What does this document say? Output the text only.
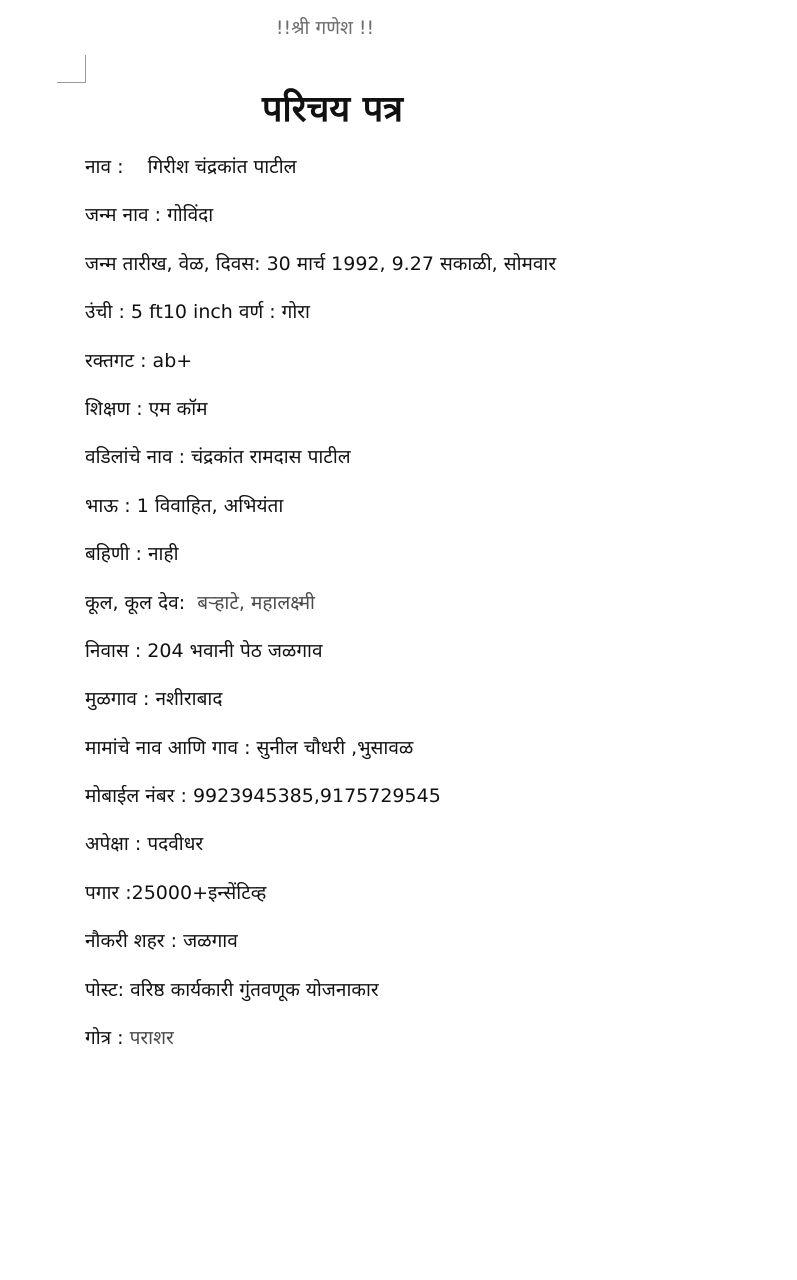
!!श्री गणेश !!
परिचय पत्र
नाव : गिरीश चंद्रकांत पाटील
जन्म नाव : गोविंदा
जन्म तारीख, वेळ, दिवस: 30 मार्च 1992, 9.27 सकाळी, सोमवार
उंची : 5 ft10 inch वर्ण : गोरा
रक्तगट : ab+
शिक्षण : एम कॉम
वडिलांचे नाव : चंद्रकांत रामदास पाटील
भाऊ : 1 विवाहित, अभियंता
बहिणी : नाही
कूल, कूल देव: बऱ्हाटे, महालक्ष्मी
निवास : 204 भवानी पेठ जळगाव
मुळगाव : नशीराबाद
मामांचे नाव आणि गाव : सुनील चौधरी ,भुसावळ
मोबाईल नंबर : 9923945385,9175729545
अपेक्षा : पदवीधर
पगार :25000+इन्सेंटिव्ह
नौकरी शहर : जळगाव
पोस्ट: वरिष्ठ कार्यकारी गुंतवणूक योजनाकार
गोत्र : पराशर
